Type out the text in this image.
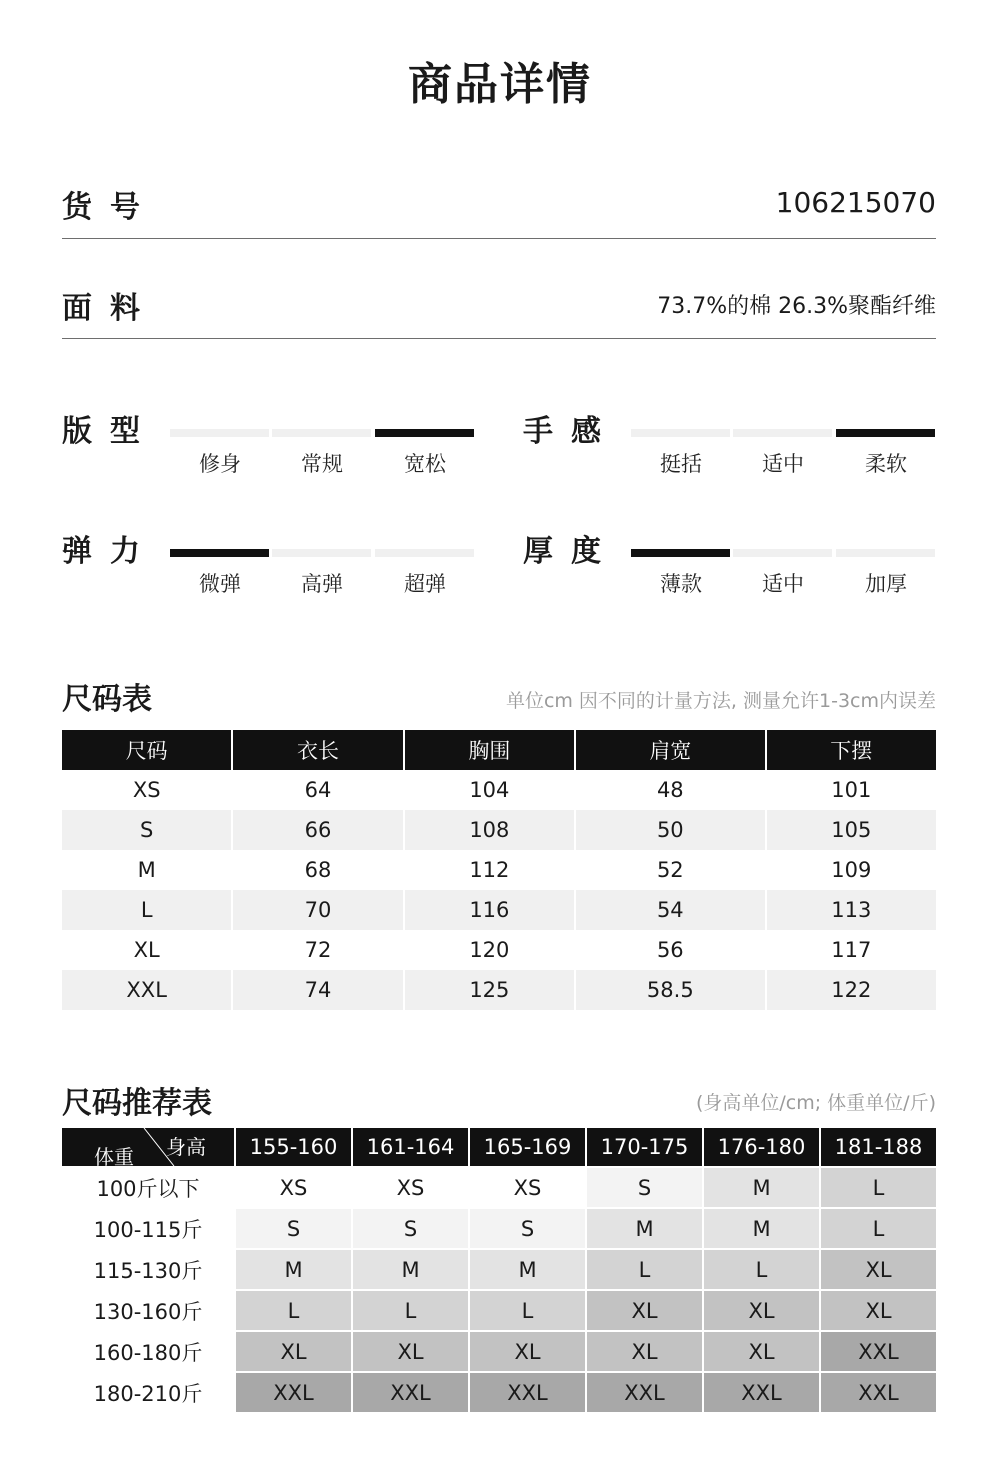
商品详情
货号	106215070
面料	73.7%的棉 26.3%聚酯纤维
版型
修身	常规	宽松
手感
挺括	适中	柔软
弹力
微弹	高弹	超弹
厚度
薄款	适中	加厚
尺码表	单位cm 因不同的计量方法, 测量允许1-3cm内误差
尺码	衣长	胸围	肩宽	下摆
XS	64	104	48	101
S	66	108	50	105
M	68	112	52	109
L	70	116	54	113
XL	72	120	56	117
XXL	74	125	58.5	122
尺码推荐表	(身高单位/cm; 体重单位/斤)
体重 身高	155-160	161-164	165-169	170-175	176-180	181-188
100斤以下	XS	XS	XS	S	M	L
100-115斤	S	S	S	M	M	L
115-130斤	M	M	M	L	L	XL
130-160斤	L	L	L	XL	XL	XL
160-180斤	XL	XL	XL	XL	XL	XXL
180-210斤	XXL	XXL	XXL	XXL	XXL	XXL
